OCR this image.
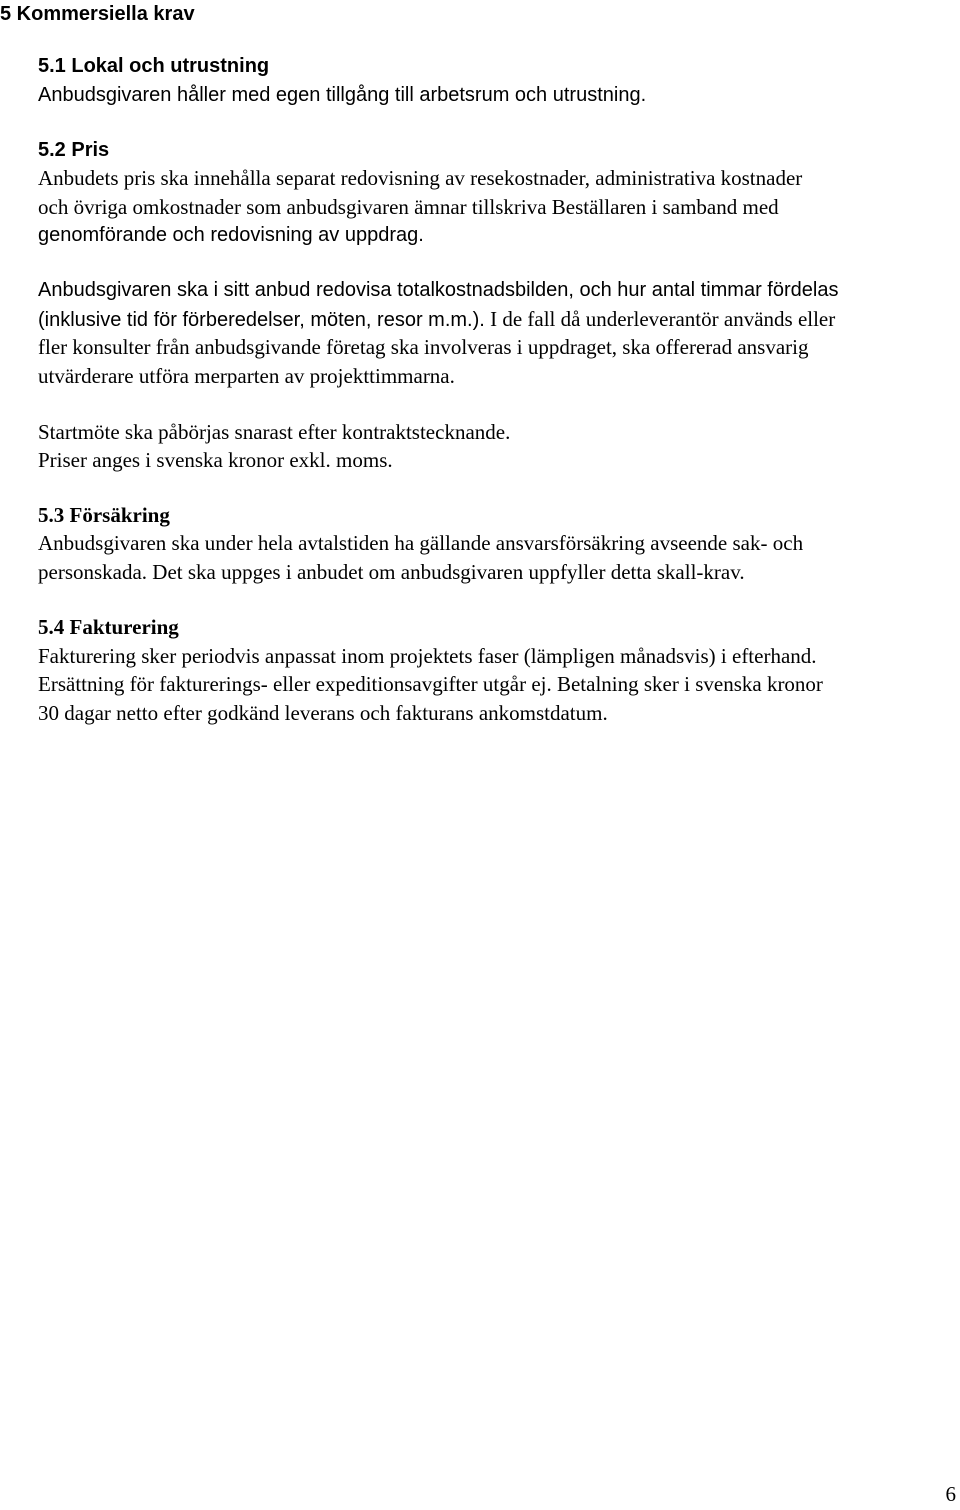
5 Kommersiella krav
5.1 Lokal och utrustning
Anbudsgivaren håller med egen tillgång till arbetsrum och utrustning.
5.2 Pris
Anbudets pris ska innehålla separat redovisning av resekostnader, administrativa kostnader
och övriga omkostnader som anbudsgivaren ämnar tillskriva Beställaren i samband med
genomförande och redovisning av uppdrag.
Anbudsgivaren ska i sitt anbud redovisa totalkostnadsbilden, och hur antal timmar fördelas
(inklusive tid för förberedelser, möten, resor m.m.). I de fall då underleverantör används eller
fler konsulter från anbudsgivande företag ska involveras i uppdraget, ska offererad ansvarig
utvärderare utföra merparten av projekttimmarna.
Startmöte ska påbörjas snarast efter kontraktstecknande.
Priser anges i svenska kronor exkl. moms.
5.3 Försäkring
Anbudsgivaren ska under hela avtalstiden ha gällande ansvarsförsäkring avseende sak- och
personskada. Det ska uppges i anbudet om anbudsgivaren uppfyller detta skall-krav.
5.4 Fakturering
Fakturering sker periodvis anpassat inom projektets faser (lämpligen månadsvis) i efterhand.
Ersättning för fakturerings- eller expeditionsavgifter utgår ej. Betalning sker i svenska kronor
30 dagar netto efter godkänd leverans och fakturans ankomstdatum.
6
